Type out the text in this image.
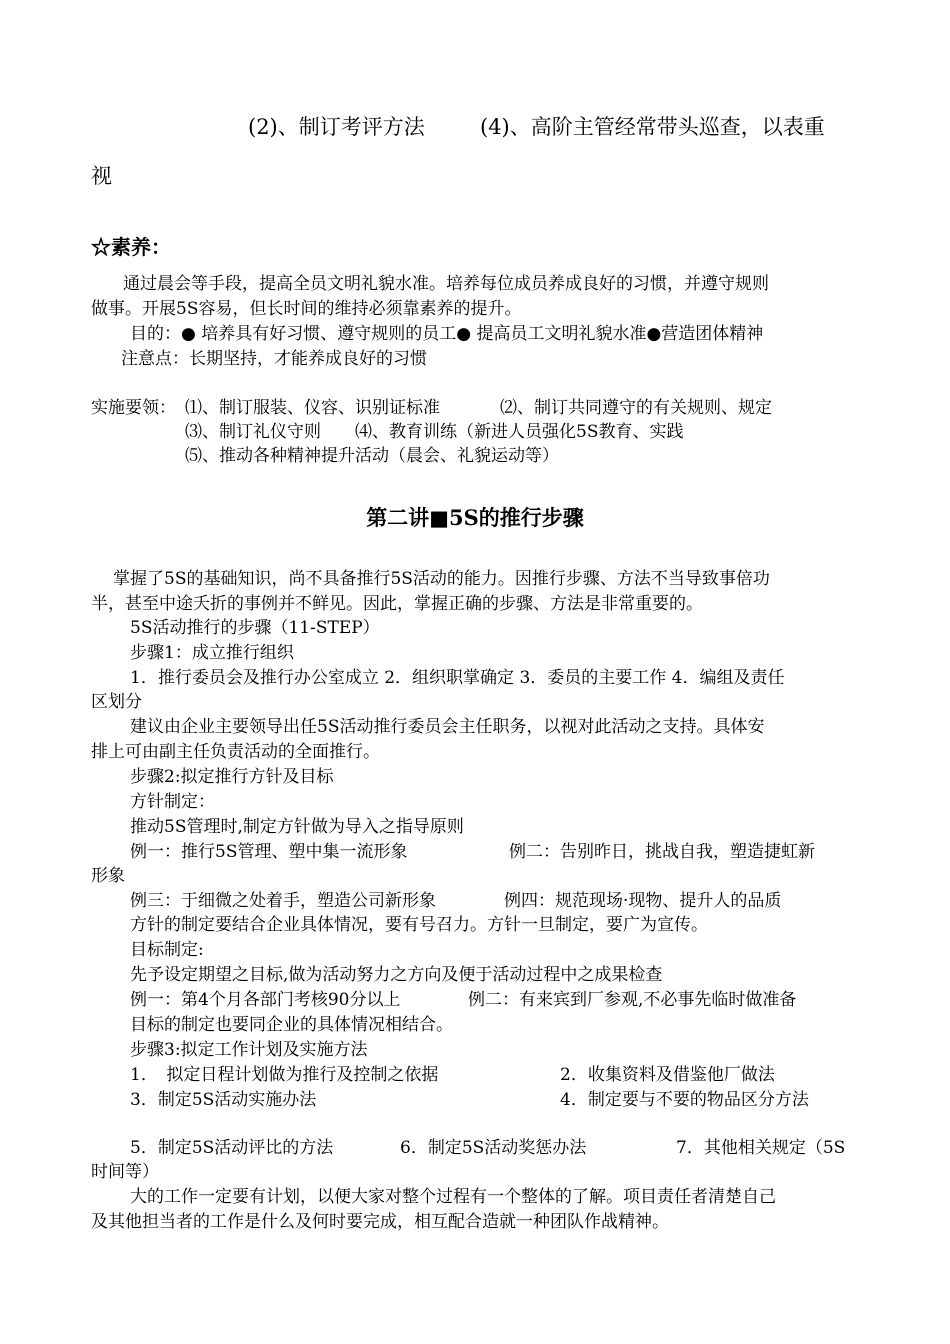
(2)、制订考评方法	(4)、高阶主管经常带头巡查，以表重
视
☆素养：
通过晨会等手段，提高全员文明礼貌水准。培养每位成员养成良好的习惯，并遵守规则
做事。开展5S容易，但长时间的维持必须靠素养的提升。
目的：● 培养具有好习惯、遵守规则的员工● 提高员工文明礼貌水准●营造团体精神
注意点：长期坚持，才能养成良好的习惯
实施要领： ⑴、制订服装、仪容、识别证标准	⑵、制订共同遵守的有关规则、规定
⑶、制订礼仪守则 ⑷、教育训练（新进人员强化5S教育、实践
⑸、推动各种精神提升活动（晨会、礼貌运动等）
第二讲■5S的推行步骤
掌握了5S的基础知识，尚不具备推行5S活动的能力。因推行步骤、方法不当导致事倍功
半，甚至中途夭折的事例并不鲜见。因此，掌握正确的步骤、方法是非常重要的。
5S活动推行的步骤（11-STEP）
步骤1：成立推行组织
1．推行委员会及推行办公室成立 2．组织职掌确定 3．委员的主要工作 4．编组及责任
区划分
建议由企业主要领导出任5S活动推行委员会主任职务，以视对此活动之支持。具体安
排上可由副主任负责活动的全面推行。
步骤2:拟定推行方针及目标
方针制定：
推动5S管理时,制定方针做为导入之指导原则
例一：推行5S管理、塑中集一流形象	例二：告别昨日，挑战自我，塑造捷虹新
形象
例三：于细微之处着手，塑造公司新形象	例四：规范现场·现物、提升人的品质
方针的制定要结合企业具体情况，要有号召力。方针一旦制定，要广为宣传。
目标制定:
先予设定期望之目标,做为活动努力之方向及便于活动过程中之成果检查
例一：第4个月各部门考核90分以上	例二：有来宾到厂参观,不必事先临时做准备
目标的制定也要同企业的具体情况相结合。
步骤3:拟定工作计划及实施方法
1．　拟定日程计划做为推行及控制之依据	2．收集资料及借鉴他厂做法
3．制定5S活动实施办法	4．制定要与不要的物品区分方法
5．制定5S活动评比的方法	6．制定5S活动奖惩办法	7．其他相关规定（5S
时间等）
大的工作一定要有计划，以便大家对整个过程有一个整体的了解。项目责任者清楚自己
及其他担当者的工作是什么及何时要完成，相互配合造就一种团队作战精神。
